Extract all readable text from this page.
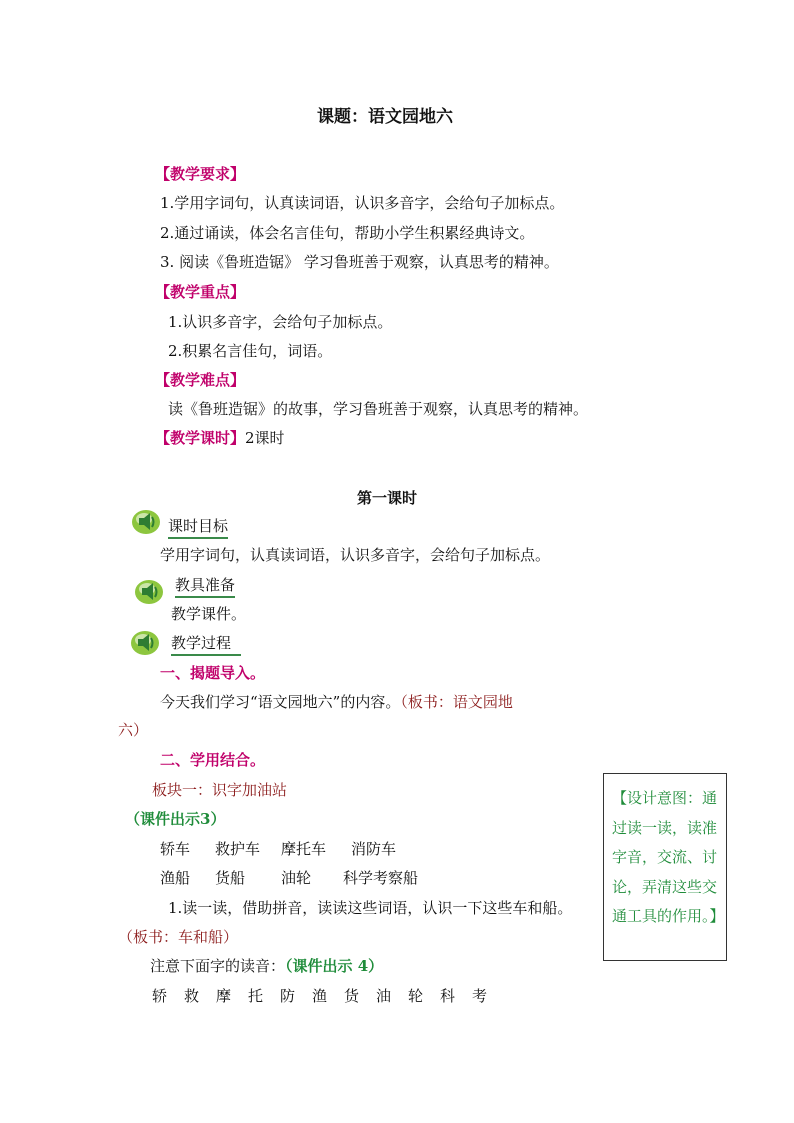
课题：语文园地六
【教学要求】
1.学用字词句，认真读词语，认识多音字，会给句子加标点。
2.通过诵读，体会名言佳句，帮助小学生积累经典诗文。
3. 阅读《鲁班造锯》 学习鲁班善于观察，认真思考的精神。
【教学重点】
1.认识多音字，会给句子加标点。
2.积累名言佳句，词语。
【教学难点】
读《鲁班造锯》的故事，学习鲁班善于观察，认真思考的精神。
【教学课时】2课时
第一课时
课时目标
学用字词句，认真读词语，认识多音字，会给句子加标点。
教具准备
教学课件。
教学过程
一、揭题导入。
今天我们学习“语文园地六”的内容。（板书：语文园地
六）
二、学用结合。
板块一：识字加油站
（课件出示3）
轿车 救护车 摩托车 消防车
渔船 货船 油轮 科学考察船
1.读一读，借助拼音，读读这些词语，认识一下这些车和船。
（板书：车和船）
注意下面字的读音：（课件出示 4）
轿 救 摩 托 防 渔 货 油 轮 科 考
【设计意图：通过读一读，读准字音，交流、讨论，弄清这些交通工具的作用。】
